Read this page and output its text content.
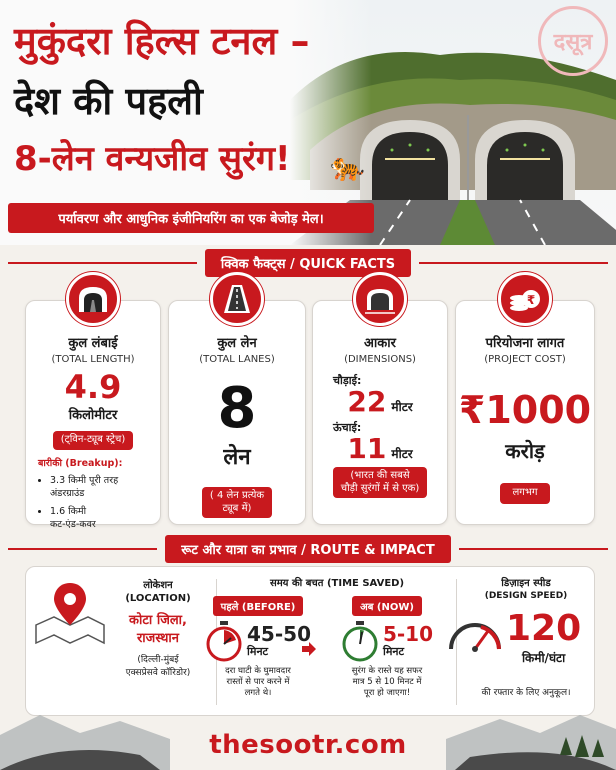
मुकुंदरा हिल्स टनल –
देश की पहली
8-लेन वन्यजीव सुरंग! 🐅
पर्यावरण और आधुनिक इंजीनियरिंग का एक बेजोड़ मेल।
दसूत्र
क्विक फैक्ट्स / QUICK FACTS
कुल लंबाई
(TOTAL LENGTH)
4.9
किलोमीटर
(ट्विन-ट्यूब स्ट्रेच)
बारीकी (Breakup):
• 3.3 किमी पूरी तरह
अंडरग्राउंड
• 1.6 किमी
कट-एंड-कवर
कुल लेन
(TOTAL LANES)
8
लेन
( 4 लेन प्रत्येक
ट्यूब में)
आकार
(DIMENSIONS)
चौड़ाई:
22 मीटर
ऊंचाई:
11 मीटर
(भारत की सबसे
चौड़ी सुरंगों में से एक)
परियोजना लागत
(PROJECT COST)
₹1000
करोड़
लगभग
₹
रूट और यात्रा का प्रभाव / ROUTE & IMPACT
लोकेशन
(LOCATION)
कोटा जिला,
राजस्थान
(दिल्ली-मुंबई
एक्सप्रेसवे कॉरिडोर)
समय की बचत (TIME SAVED)
पहले (BEFORE)
45-50
मिनट
दरा घाटी के घुमावदार
रास्तों से पार करने में
लगते थे।
अब (NOW)
5-10
मिनट
सुरंग के रास्ते यह सफर
मात्र 5 से 10 मिनट में
पूरा हो जाएगा!
डिज़ाइन स्पीड
(DESIGN SPEED)
120
किमी/घंटा
की रफ्तार के लिए अनुकूल।
thesootr.com
